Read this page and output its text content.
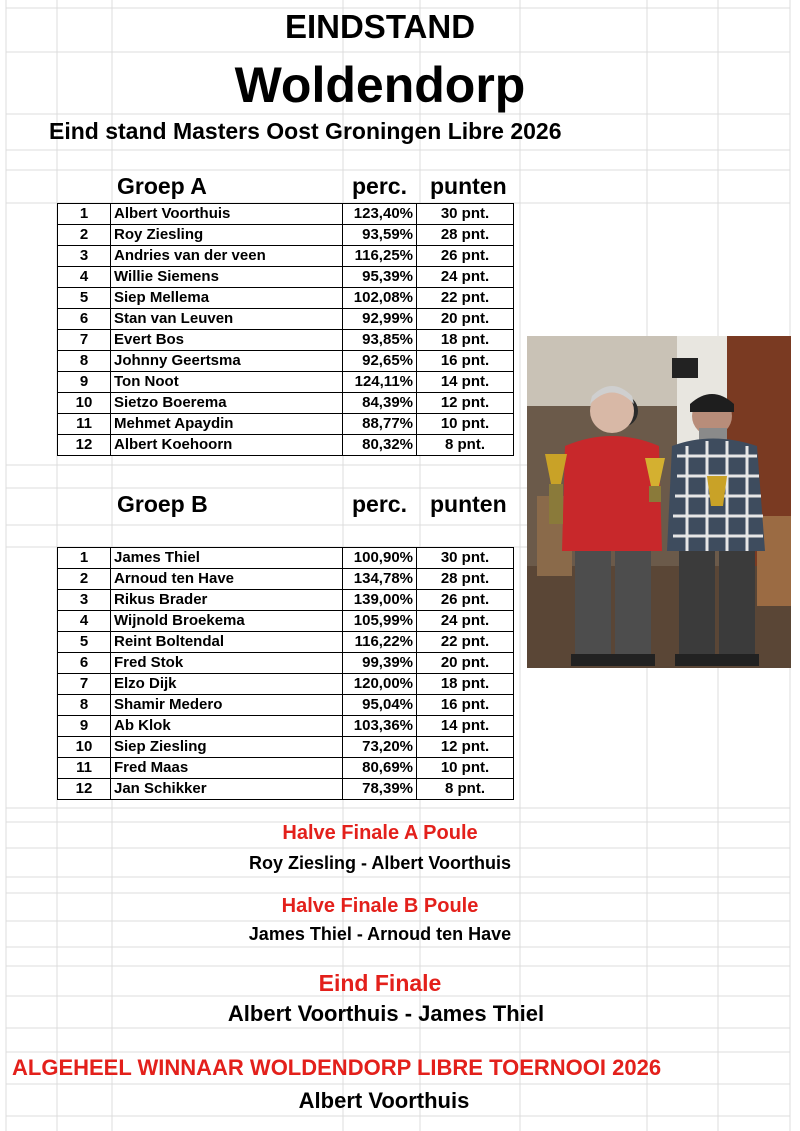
EINDSTAND
Woldendorp
Eind stand Masters Oost Groningen Libre 2026
Groep A	perc. punten
1	Albert Voorthuis	123,40%	30 pnt.
2	Roy Ziesling	93,59%	28 pnt.
3	Andries van der veen	116,25%	26 pnt.
4	Willie Siemens	95,39%	24 pnt.
5	Siep Mellema	102,08%	22 pnt.
6	Stan van Leuven	92,99%	20 pnt.
7	Evert Bos	93,85%	18 pnt.
8	Johnny Geertsma	92,65%	16 pnt.
9	Ton Noot	124,11%	14 pnt.
10	Sietzo Boerema	84,39%	12 pnt.
11	Mehmet Apaydin	88,77%	10 pnt.
12	Albert Koehoorn	80,32%	8 pnt.
Groep B	perc. punten
1	James Thiel	100,90%	30 pnt.
2	Arnoud ten Have	134,78%	28 pnt.
3	Rikus Brader	139,00%	26 pnt.
4	Wijnold Broekema	105,99%	24 pnt.
5	Reint Boltendal	116,22%	22 pnt.
6	Fred Stok	99,39%	20 pnt.
7	Elzo Dijk	120,00%	18 pnt.
8	Shamir Medero	95,04%	16 pnt.
9	Ab Klok	103,36%	14 pnt.
10	Siep Ziesling	73,20%	12 pnt.
11	Fred Maas	80,69%	10 pnt.
12	Jan Schikker	78,39%	8 pnt.
Halve Finale A Poule
Roy Ziesling - Albert Voorthuis
Halve Finale B Poule
James Thiel - Arnoud ten Have
Eind Finale
Albert Voorthuis - James Thiel
ALGEHEEL WINNAAR WOLDENDORP LIBRE TOERNOOI 2026
Albert Voorthuis
